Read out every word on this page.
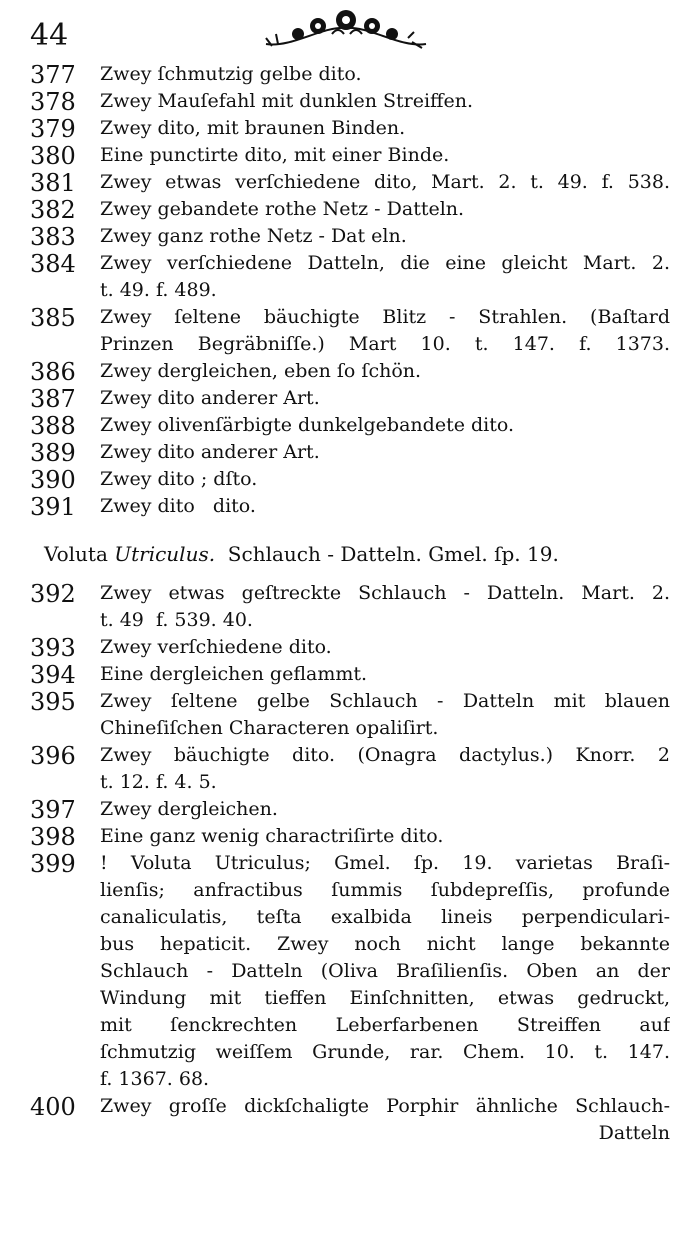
44
377	Zwey ſchmutzig gelbe dito.
378	Zwey Mauſefahl mit dunklen Streiffen.
379	Zwey dito, mit braunen Binden.
380	Eine punctirte dito, mit einer Binde.
381	Zwey etwas verſchiedene dito, Mart. 2. t. 49. f. 538.
382	Zwey gebandete rothe Netz - Datteln.
383	Zwey ganz rothe Netz - Dat eln.
384	Zwey verſchiedene Datteln, die eine gleicht Mart. 2.
t. 49. f. 489.
385	Zwey ſeltene bäuchigte Blitz - Strahlen. (Baſtard
Prinzen Begräbniſſe.) Mart 10. t. 147. f. 1373.
386	Zwey dergleichen, eben ſo ſchön.
387	Zwey dito anderer Art.
388	Zwey olivenſärbigte dunkelgebandete dito.
389	Zwey dito anderer Art.
390	Zwey dito ; dſto.
391	Zwey dito   dito.
Voluta Utriculus.  Schlauch - Datteln. Gmel. ſp. 19.
392	Zwey etwas geſtreckte Schlauch - Datteln. Mart. 2.
t. 49  f. 539. 40.
393	Zwey verſchiedene dito.
394	Eine dergleichen geflammt.
395	Zwey ſeltene gelbe Schlauch - Datteln mit blauen
Chineſiſchen Characteren opaliſirt.
396	Zwey bäuchigte dito. (Onagra dactylus.) Knorr. 2
t. 12. f. 4. 5.
397	Zwey dergleichen.
398	Eine ganz wenig charactriſirte dito.
399	! Voluta Utriculus; Gmel. ſp. 19. varietas Braſi-
lienſis; anfractibus ſummis ſubdepreſſis, profunde
canaliculatis, teſta exalbida lineis perpendiculari-
bus hepaticit. Zwey noch nicht lange bekannte
Schlauch - Datteln (Oliva Braſilienſis. Oben an der
Windung mit tieffen Einſchnitten, etwas gedruckt,
mit ſenckrechten Leberfarbenen Streiffen auf
ſchmutzig weiſſem Grunde, rar. Chem. 10. t. 147.
f. 1367. 68.
400	Zwey groſſe dickſchaligte Porphir ähnliche Schlauch-
Datteln
